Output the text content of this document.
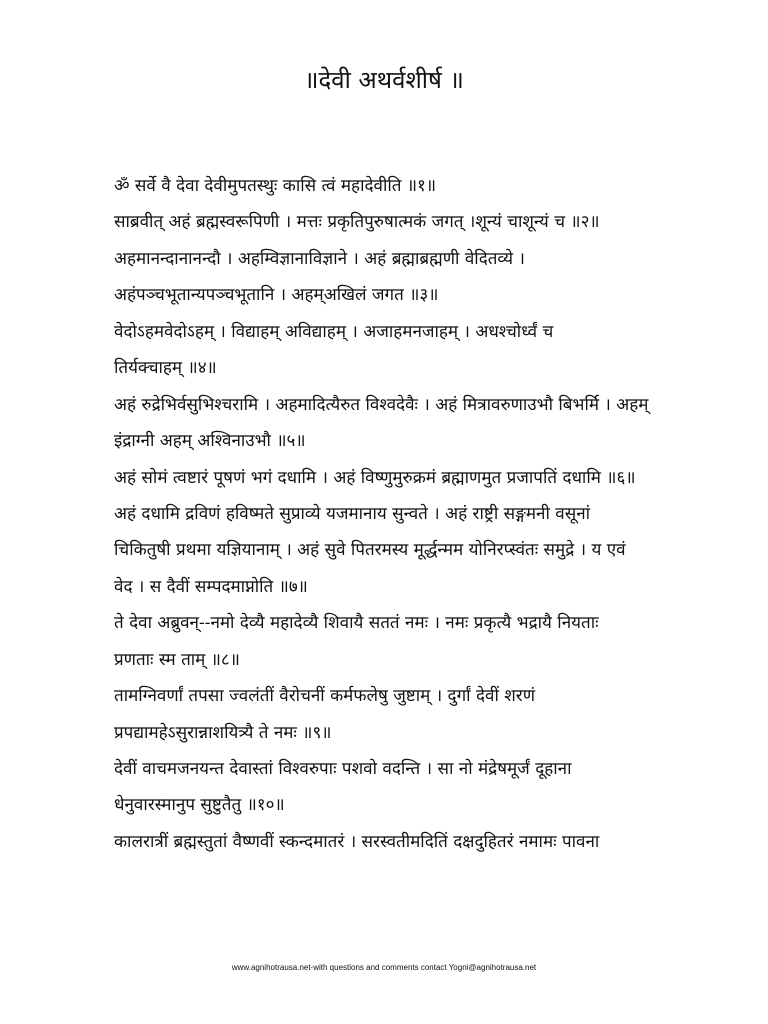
॥देवी अथर्वशीर्ष ॥
ॐ सर्वे वै देवा देवीमुपतस्थुः कासि त्वं महादेवीति ॥१॥
साब्रवीत् अहं ब्रह्मस्वरूपिणी । मत्तः प्रकृतिपुरुषात्मकं जगत् ।शून्यं चाशून्यं च ॥२॥
अहमानन्दानानन्दौ । अहम्विज्ञानाविज्ञाने । अहं ब्रह्माब्रह्मणी वेदितव्ये ।
अहंपञ्चभूतान्यपञ्चभूतानि । अहम्अखिलं जगत ॥३॥
वेदोऽहमवेदोऽहम् । विद्याहम् अविद्याहम् । अजाहमनजाहम् । अधश्चोर्ध्वं च
तिर्यक्चाहम् ॥४॥
अहं रुद्रेभिर्वसुभिश्चरामि । अहमादित्यैरुत विश्वदेवैः । अहं मित्रावरुणाउभौ बिभर्मि । अहम्
इंद्राग्नी अहम् अश्विनाउभौ ॥५॥
अहं सोमं त्वष्टारं पूषणं भगं दधामि । अहं विष्णुमुरुक्रमं ब्रह्माणमुत प्रजापतिं दधामि ॥६॥
अहं दधामि द्रविणं हविष्मते सुप्राव्ये यजमानाय सुन्वते । अहं राष्ट्री सङ्गमनी वसूनां
चिकितुषी प्रथमा यज्ञियानाम् । अहं सुवे पितरमस्य मूर्द्धन्मम योनिरप्स्वंतः समुद्रे । य एवं
वेद । स दैवीं सम्पदमाप्नोति ॥७॥
ते देवा अब्रुवन्--नमो देव्यै महादेव्यै शिवायै सततं नमः । नमः प्रकृत्यै भद्रायै नियताः
प्रणताः स्म ताम् ॥८॥
तामग्निवर्णां तपसा ज्वलंतीं वैरोचनीं कर्मफलेषु जुष्टाम् । दुर्गां देवीं शरणं
प्रपद्यामहेऽसुरान्नाशयित्र्यै ते नमः ॥९॥
देवीं वाचमजनयन्त देवास्तां विश्वरुपाः पशवो वदन्ति । सा नो मंद्रेषमूर्जं दूहाना
धेनुवारस्मानुप सुष्टुतैतु ॥१०॥
कालरात्रीं ब्रह्मस्तुतां वैष्णवीं स्कन्दमातरं । सरस्वतीमदितिं दक्षदुहितरं नमामः पावना
www.agnihotrausa.net-with questions and comments contact Yogni@agnihotrausa.net
